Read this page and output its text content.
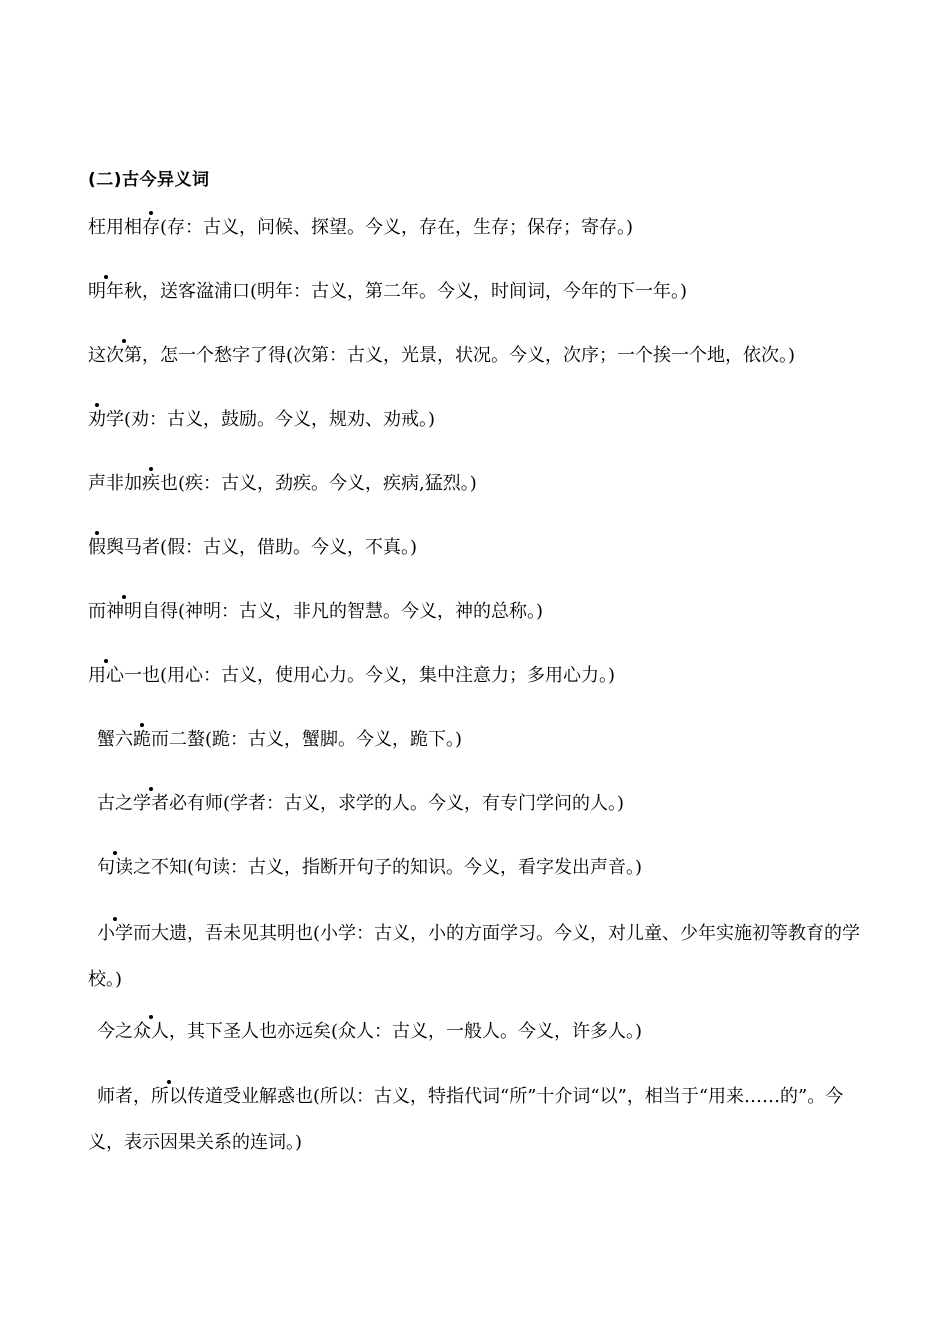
(二)古今异义词
枉用相存(存：古义，问候、探望。今义，存在，生存；保存；寄存。)
明年秋，送客湓浦口(明年：古义，第二年。今义，时间词，今年的下一年。)
这次第，怎一个愁字了得(次第：古义，光景，状况。今义，次序；一个挨一个地，依次。)
劝学(劝：古义，鼓励。今义，规劝、劝戒。)
声非加疾也(疾：古义，劲疾。今义，疾病,猛烈。)
假舆马者(假：古义，借助。今义，不真。)
而神明自得(神明：古义，非凡的智慧。今义，神的总称。)
用心一也(用心：古义，使用心力。今义，集中注意力；多用心力。)
蟹六跪而二螯(跪：古义，蟹脚。今义，跪下。)
古之学者必有师(学者：古义，求学的人。今义，有专门学问的人。)
句读之不知(句读：古义，指断开句子的知识。今义，看字发出声音。)
小学而大遗，吾未见其明也(小学：古义，小的方面学习。今义，对儿童、少年实施初等教育的学校。)
今之众人，其下圣人也亦远矣(众人：古义，一般人。今义，许多人。)
师者，所以传道受业解惑也(所以：古义，特指代词“所”十介词“以”，相当于“用来……的”。今义，表示因果关系的连词。)
